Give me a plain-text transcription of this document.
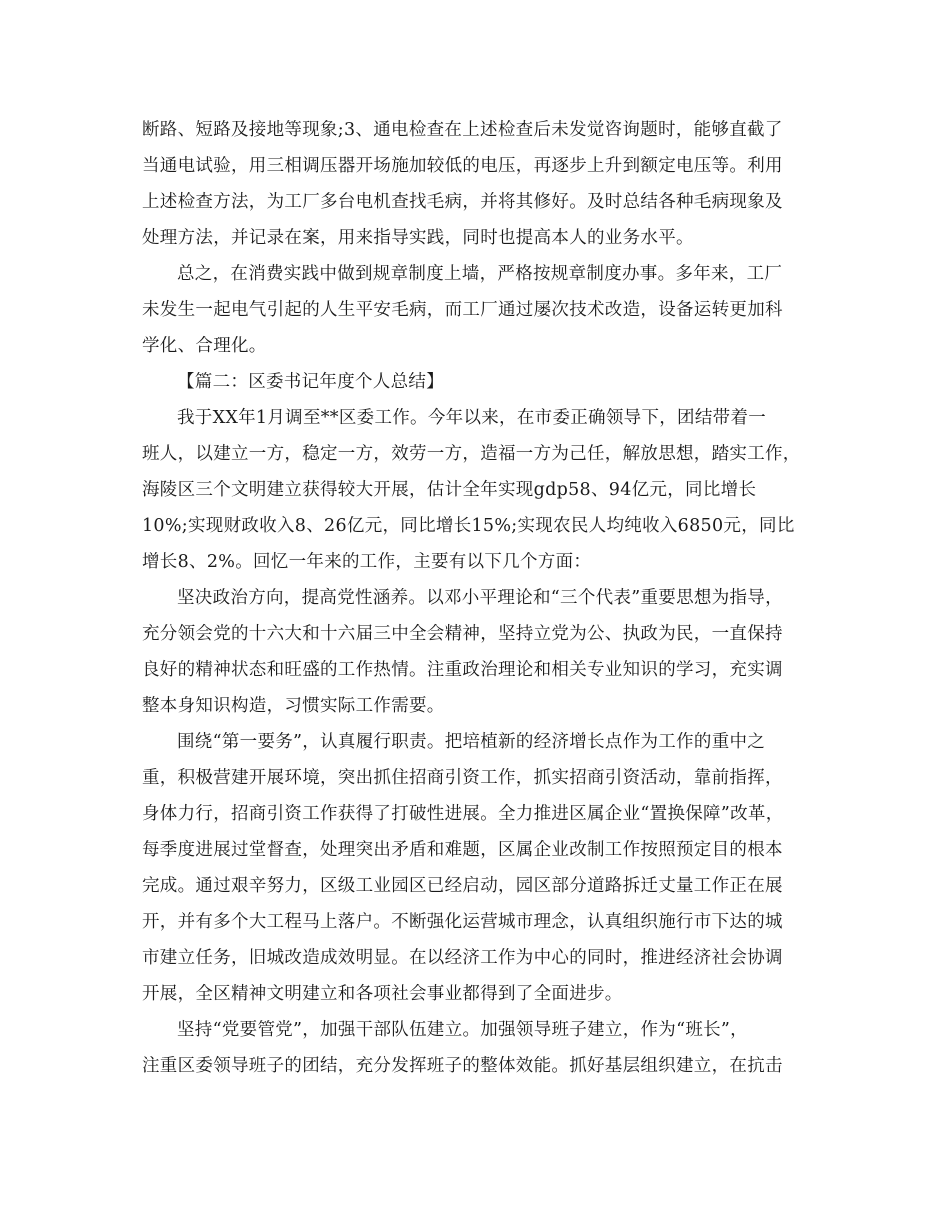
断路、短路及接地等现象;3、通电检查在上述检查后未发觉咨询题时，能够直截了
当通电试验，用三相调压器开场施加较低的电压，再逐步上升到额定电压等。利用
上述检查方法，为工厂多台电机查找毛病，并将其修好。及时总结各种毛病现象及
处理方法，并记录在案，用来指导实践，同时也提高本人的业务水平。
总之，在消费实践中做到规章制度上墙，严格按规章制度办事。多年来，工厂
未发生一起电气引起的人生平安毛病，而工厂通过屡次技术改造，设备运转更加科
学化、合理化。
【篇二：区委书记年度个人总结】
我于XX年1月调至**区委工作。今年以来，在市委正确领导下，团结带着一
班人，以建立一方，稳定一方，效劳一方，造福一方为己任，解放思想，踏实工作，
海陵区三个文明建立获得较大开展，估计全年实现gdp58、94亿元，同比增长
10%;实现财政收入8、26亿元，同比增长15%;实现农民人均纯收入6850元，同比
增长8、2%。回忆一年来的工作，主要有以下几个方面：
坚决政治方向，提高党性涵养。以邓小平理论和“三个代表”重要思想为指导，
充分领会党的十六大和十六届三中全会精神，坚持立党为公、执政为民，一直保持
良好的精神状态和旺盛的工作热情。注重政治理论和相关专业知识的学习，充实调
整本身知识构造，习惯实际工作需要。
围绕“第一要务”，认真履行职责。把培植新的经济增长点作为工作的重中之
重，积极营建开展环境，突出抓住招商引资工作，抓实招商引资活动，靠前指挥，
身体力行，招商引资工作获得了打破性进展。全力推进区属企业“置换保障”改革，
每季度进展过堂督查，处理突出矛盾和难题，区属企业改制工作按照预定目的根本
完成。通过艰辛努力，区级工业园区已经启动，园区部分道路拆迁丈量工作正在展
开，并有多个大工程马上落户。不断强化运营城市理念，认真组织施行市下达的城
市建立任务，旧城改造成效明显。在以经济工作为中心的同时，推进经济社会协调
开展，全区精神文明建立和各项社会事业都得到了全面进步。
坚持“党要管党”，加强干部队伍建立。加强领导班子建立，作为“班长”，
注重区委领导班子的团结，充分发挥班子的整体效能。抓好基层组织建立，在抗击
